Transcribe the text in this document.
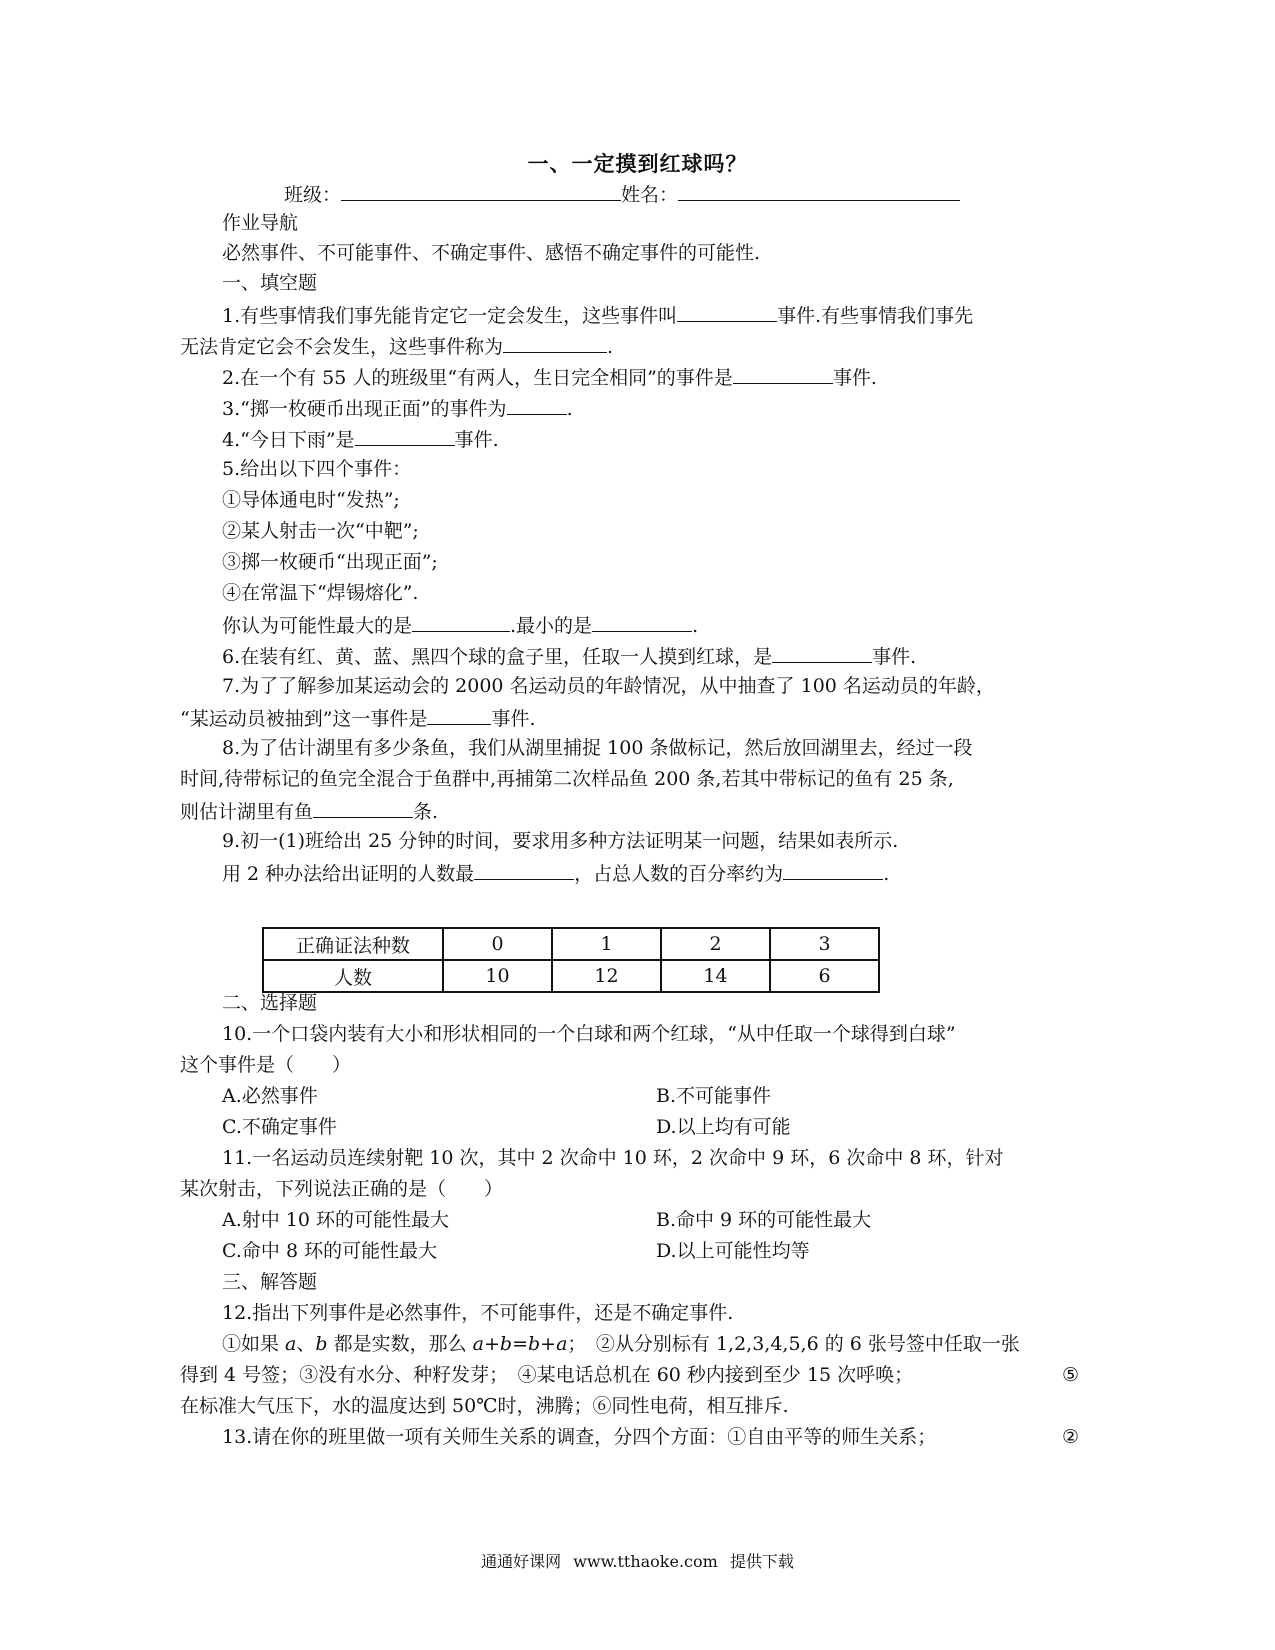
一、一定摸到红球吗？
班级：	姓名：
作业导航
必然事件、不可能事件、不确定事件、感悟不确定事件的可能性.
一、填空题
1.有些事情我们事先能肯定它一定会发生，这些事件叫	事件.有些事情我们事先
无法肯定它会不会发生，这些事件称为	.
2.在一个有 55 人的班级里“有两人，生日完全相同”的事件是	事件.
3.“掷一枚硬币出现正面”的事件为	.
4.“今日下雨”是	事件.
5.给出以下四个事件：
①导体通电时“发热”;
②某人射击一次“中靶”;
③掷一枚硬币“出现正面”;
④在常温下“焊锡熔化”.
你认为可能性最大的是	.最小的是	.
6.在装有红、黄、蓝、黑四个球的盒子里，任取一人摸到红球，是	事件.
7.为了了解参加某运动会的 2000 名运动员的年龄情况，从中抽查了 100 名运动员的年龄，
“某运动员被抽到”这一事件是	事件.
8.为了估计湖里有多少条鱼，我们从湖里捕捉 100 条做标记，然后放回湖里去，经过一段
时间,待带标记的鱼完全混合于鱼群中,再捕第二次样品鱼 200 条,若其中带标记的鱼有 25 条,
则估计湖里有鱼	条.
9.初一(1)班给出 25 分钟的时间，要求用多种方法证明某一问题，结果如表所示.
用 2 种办法给出证明的人数最	，占总人数的百分率约为	.
正确证法种数	0	1	2	3
人数	10	12	14	6
二、选择题
10.一个口袋内装有大小和形状相同的一个白球和两个红球，“从中任取一个球得到白球”
这个事件是（　　）
A.必然事件	B.不可能事件
C.不确定事件	D.以上均有可能
11.一名运动员连续射靶 10 次，其中 2 次命中 10 环，2 次命中 9 环，6 次命中 8 环，针对
某次射击，下列说法正确的是（　　）
A.射中 10 环的可能性最大	B.命中 9 环的可能性最大
C.命中 8 环的可能性最大	D.以上可能性均等
三、解答题
12.指出下列事件是必然事件，不可能事件，还是不确定事件.
①如果 a、b 都是实数，那么 a+b=b+a；　②从分别标有 1,2,3,4,5,6 的 6 张号签中任取一张
得到 4 号签；③没有水分、种籽发芽；　④某电话总机在 60 秒内接到至少 15 次呼唤；	⑤
在标准大气压下，水的温度达到 50℃时，沸腾；⑥同性电荷，相互排斥.
13.请在你的班里做一项有关师生关系的调查，分四个方面：①自由平等的师生关系；	②
通通好课网 www.tthaoke.com 提供下载
